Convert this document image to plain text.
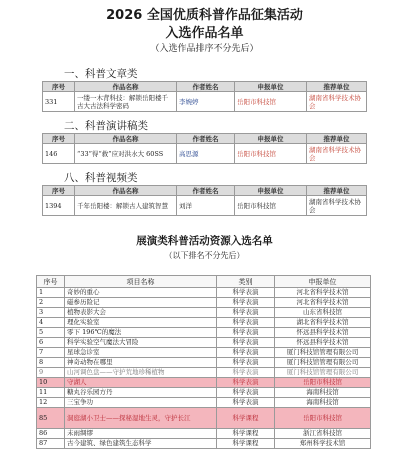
2026 全国优质科普作品征集活动
入选作品名单
（入选作品排序不分先后）
一、科普文章类
序号	作品名称	作者姓名	申报单位	推荐单位
331	一缕一木背科技：解锁岳阳楼千古大古法科学密码	李婉婷	岳阳市科技馆	湖南省科学技术协会
二、科普演讲稿类
序号	作品名称	作者姓名	申报单位	推荐单位
146	“33”得“救”应对洪水大 60SS	高思源	岳阳市科技馆	湖南省科学技术协会
八、科普视频类
序号	作品名称	作者姓名	申报单位	推荐单位
1394	千年岳阳楼：解锁古人建筑智慧	刘洋	岳阳市科技馆	湖南省科学技术协会
展演类科普活动资源入选名单
（以下排名不分先后）
序号	项目名称	类别	申报单位
1	奇妙的重心	科学表演	河北省科学技术馆
2	磁参历险记	科学表演	河北省科学技术馆
3	植物表影大会	科学表演	山东省科技馆
4	理化实验室	科学表演	湖北省科学技术馆
5	零下 196℃的魔法	科学表演	怀远县科学技术馆
6	科学实验空气魔法大冒险	科学表演	怀远县科学技术馆
7	星球急诊室	科学表演	厦门科技馆管理有限公司
8	神奇动物在哪里	科学表演	厦门科技馆管理有限公司
9	山河调色盘——守护荒地珍稀植物	科学表演	厦门科技馆管理有限公司
10	守湖人	科学表演	岳阳市科技馆
11	糖丸谷乐园方丹	科学表演	海南科技馆
12	三宝争功	科学表演	海南科技馆
85	洞庭湖小卫士——探秘湿地生灵，守护长江	科学课程	岳阳市科技馆
86	未雨绸缪	科学课程	浙江省科技馆
87	古今建筑、绿色建筑生态科学	科学课程	郑州科学技术馆
